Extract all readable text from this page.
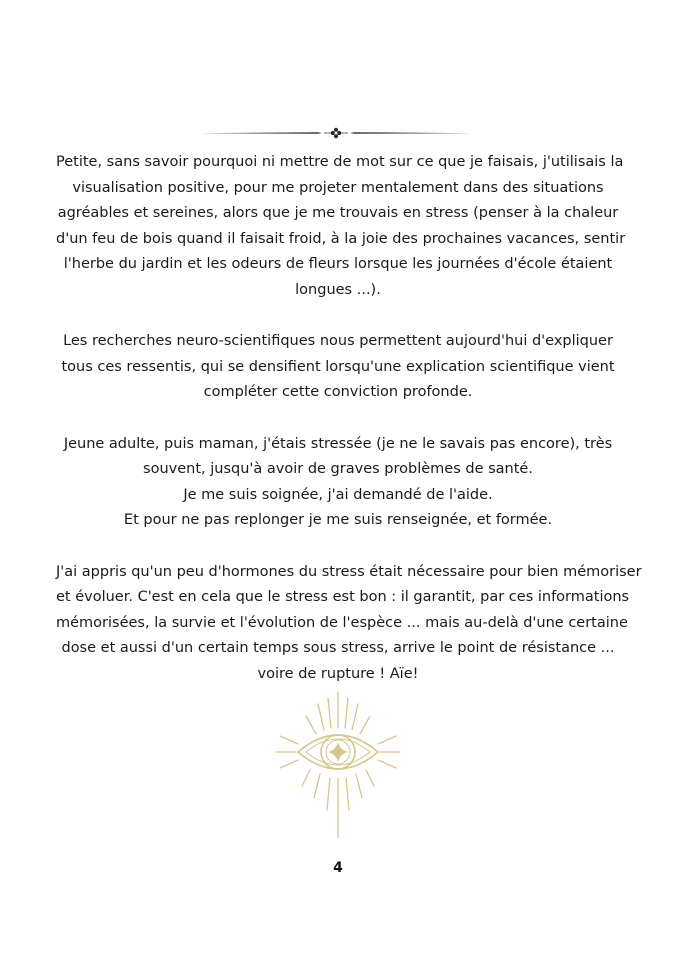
Petite, sans savoir pourquoi ni mettre de mot sur ce que je faisais, j'utilisais la
visualisation positive, pour me projeter mentalement dans des situations
agréables et sereines, alors que je me trouvais en stress (penser à la chaleur
d'un feu de bois quand il faisait froid, à la joie des prochaines vacances, sentir
l'herbe du jardin et les odeurs de fleurs lorsque les journées d'école étaient
longues ...).

Les recherches neuro-scientifiques nous permettent aujourd'hui d'expliquer
tous ces ressentis, qui se densifient lorsqu'une explication scientifique vient
compléter cette conviction profonde.

Jeune adulte, puis maman, j'étais stressée (je ne le savais pas encore), très
souvent, jusqu'à avoir de graves problèmes de santé.
Je me suis soignée, j'ai demandé de l'aide.
Et pour ne pas replonger je me suis renseignée, et formée.

J'ai appris qu'un peu d'hormones du stress était nécessaire pour bien mémoriser
et évoluer. C'est en cela que le stress est bon : il garantit, par ces informations
mémorisées, la survie et l'évolution de l'espèce ... mais au-delà d'une certaine
dose et aussi d'un certain temps sous stress, arrive le point de résistance ...
voire de rupture ! Aïe!

4
